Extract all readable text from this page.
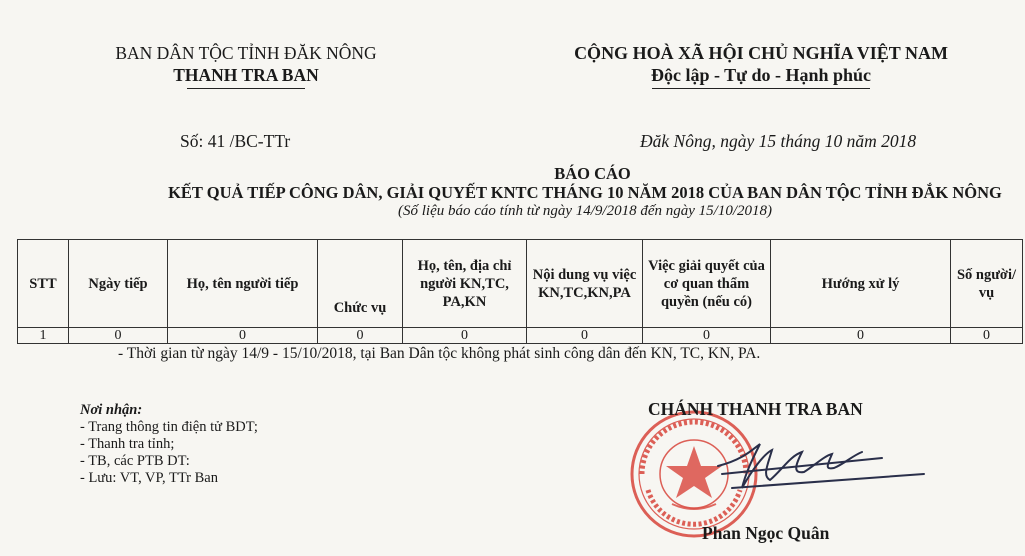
BAN DÂN TỘC TỈNH ĐĂK NÔNG
THANH TRA BAN
CỘNG HOÀ XÃ HỘI CHỦ NGHĨA VIỆT NAM
Độc lập - Tự do - Hạnh phúc
Số: 41 /BC-TTr	Đăk Nông, ngày 15 tháng 10 năm 2018
BÁO CÁO
KẾT QUẢ TIẾP CÔNG DÂN, GIẢI QUYẾT KNTC THÁNG 10 NĂM 2018 CỦA BAN DÂN TỘC TỈNH ĐẮK NÔNG
(Số liệu báo cáo tính từ ngày 14/9/2018 đến ngày 15/10/2018)
STT	Ngày tiếp	Họ, tên người tiếp	Chức vụ	Họ, tên, địa chỉ người KN,TC, PA,KN	Nội dung vụ việc KN,TC,KN,PA	Việc giải quyết của cơ quan thẩm quyền (nếu có)	Hướng xử lý	Số người/ vụ
1	0	0	0	0	0	0	0	0
- Thời gian từ ngày 14/9 - 15/10/2018, tại Ban Dân tộc không phát sinh công dân đến KN, TC, KN, PA.
Nơi nhận:
- Trang thông tin điện tử BDT;
- Thanh tra tỉnh;
- TB, các PTB DT:
- Lưu: VT, VP, TTr Ban
CHÁNH THANH TRA BAN
Phan Ngọc Quân
